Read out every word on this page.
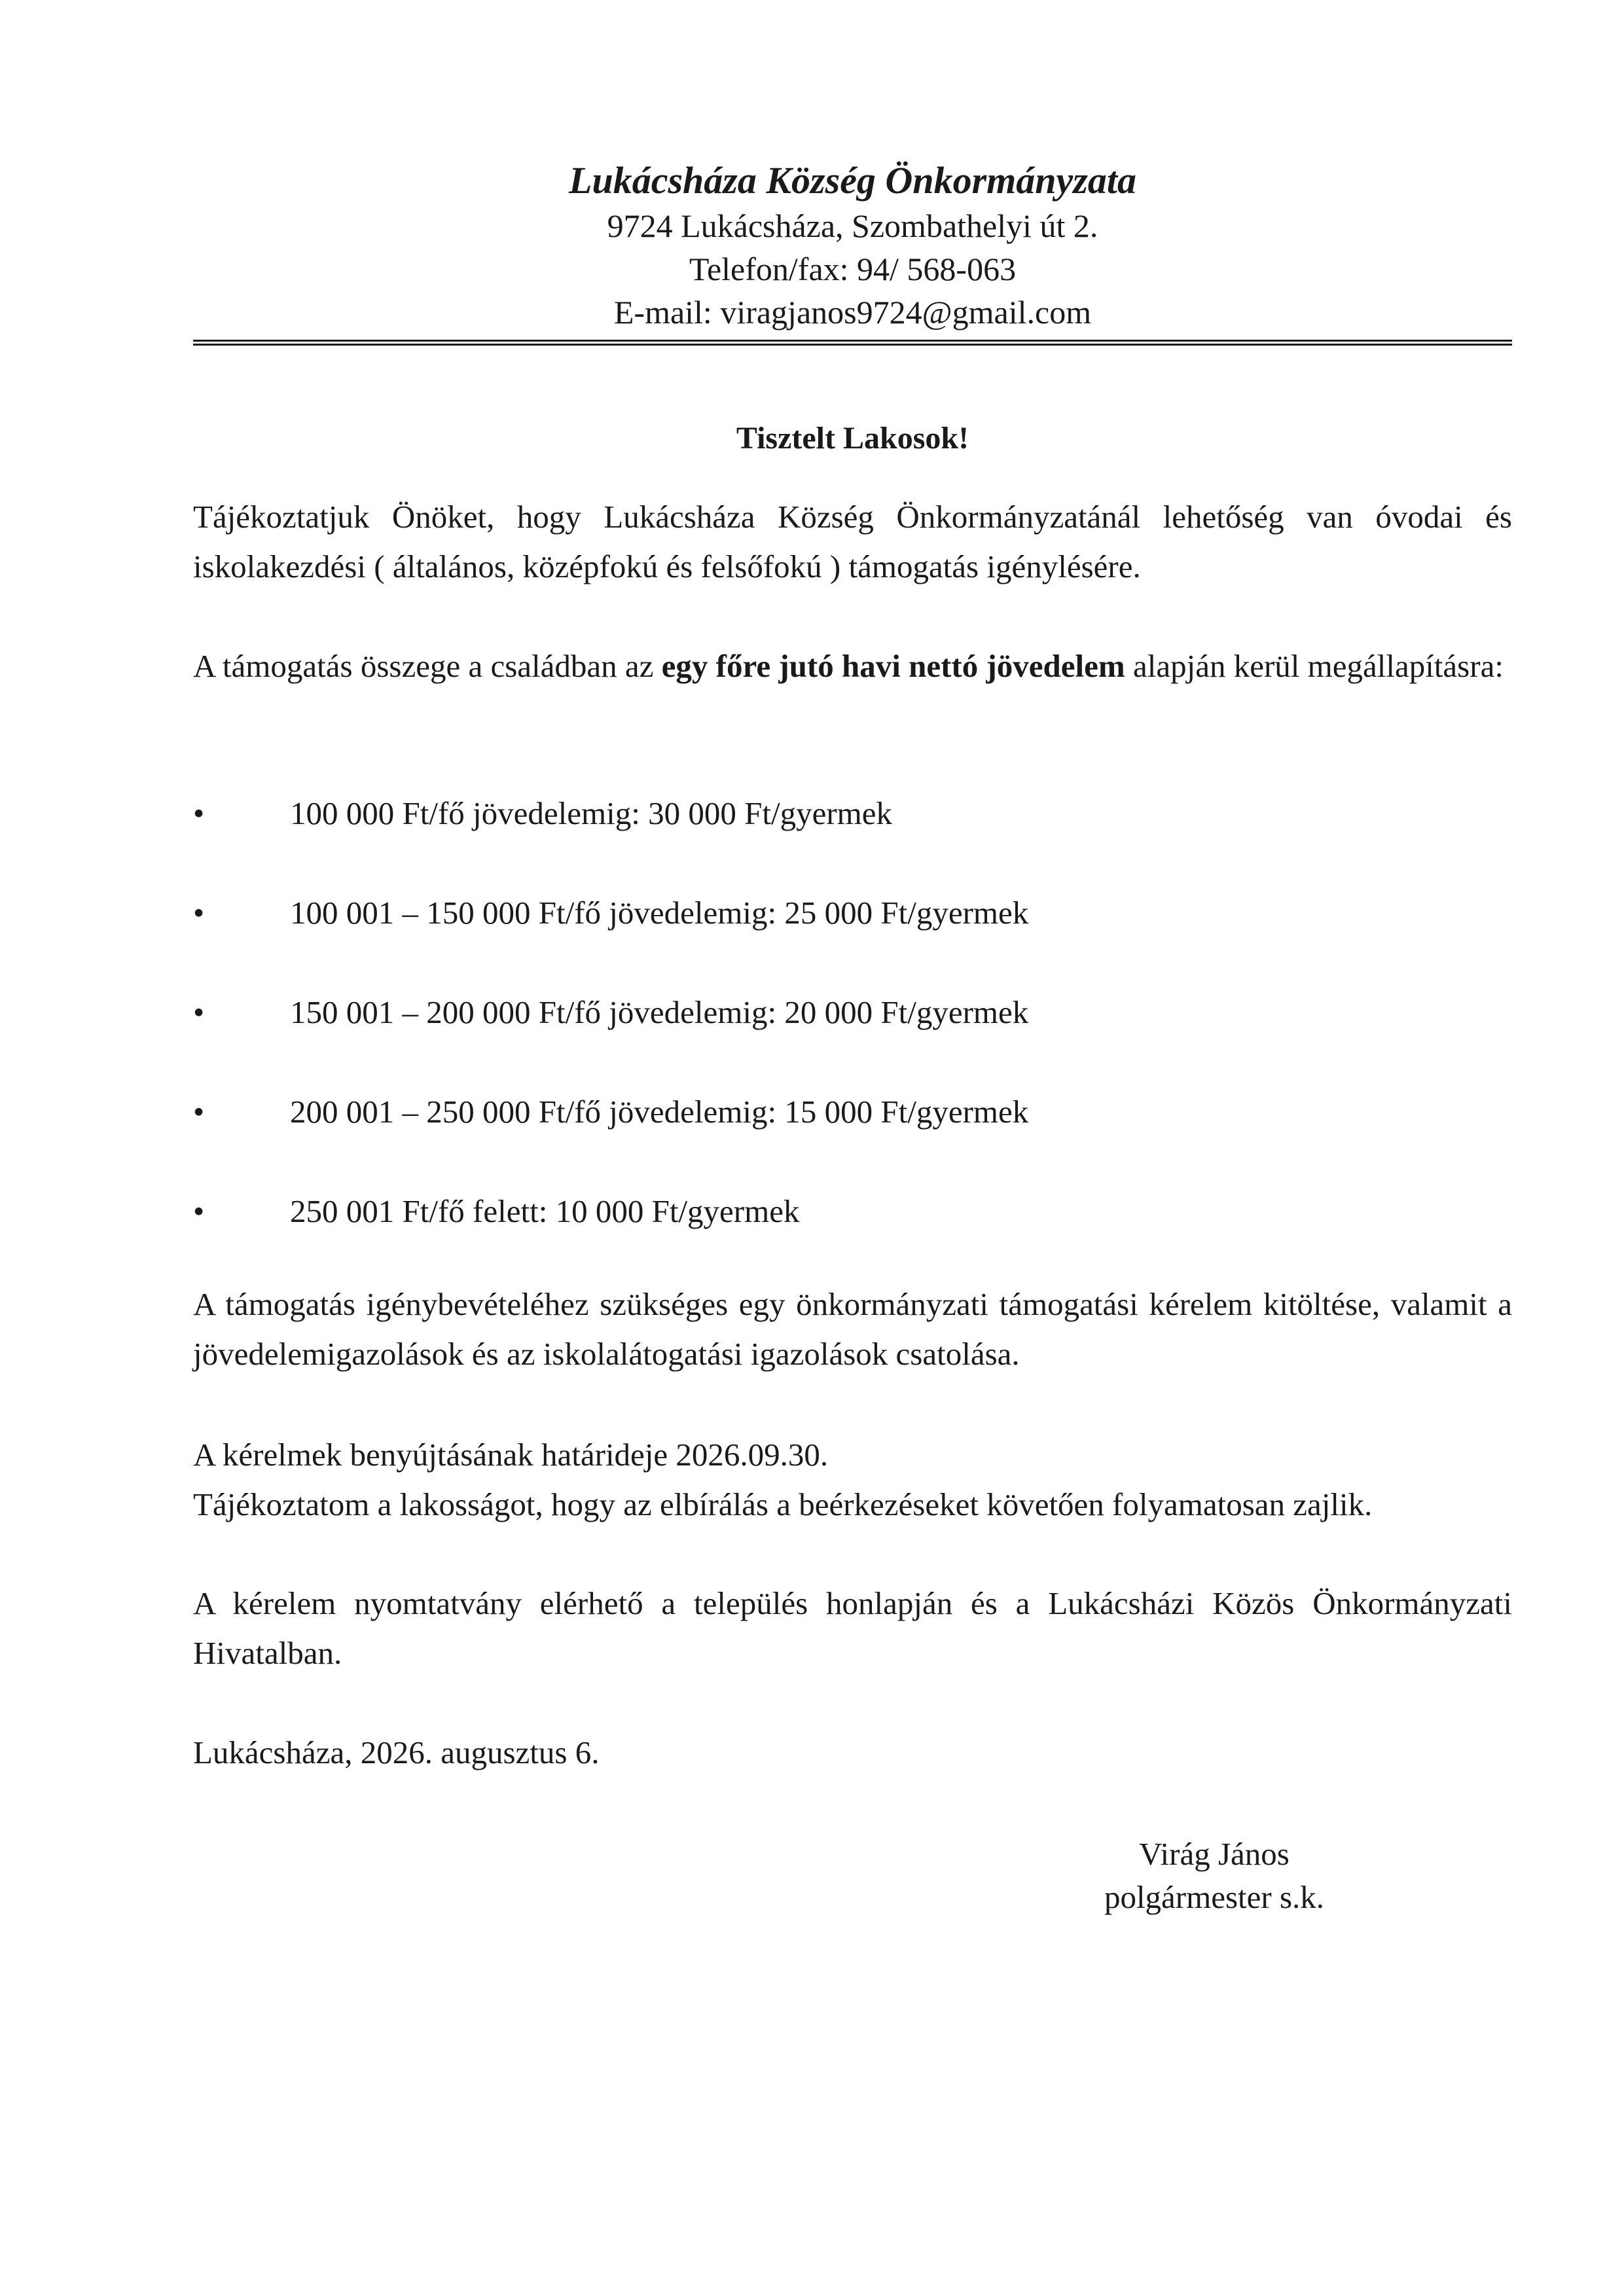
Lukácsháza Község Önkormányzata

9724 Lukácsháza, Szombathelyi út 2.

Telefon/fax: 94/ 568-063

E-mail: viragjanos9724@gmail.com

Tisztelt Lakosok!

Tájékoztatjuk Önöket, hogy Lukácsháza Község Önkormányzatánál lehetőség van óvodai és iskolakezdési ( általános, középfokú és felsőfokú ) támogatás igénylésére.

A támogatás összege a családban az egy főre jutó havi nettó jövedelem alapján kerül megállapításra:

•	100 000 Ft/fő jövedelemig: 30 000 Ft/gyermek
•	100 001 – 150 000 Ft/fő jövedelemig: 25 000 Ft/gyermek
•	150 001 – 200 000 Ft/fő jövedelemig: 20 000 Ft/gyermek
•	200 001 – 250 000 Ft/fő jövedelemig: 15 000 Ft/gyermek
•	250 001 Ft/fő felett: 10 000 Ft/gyermek

A támogatás igénybevételéhez szükséges egy önkormányzati támogatási kérelem kitöltése, valamit a jövedelemigazolások és az iskolalátogatási igazolások csatolása.

A kérelmek benyújtásának határideje 2026.09.30.

Tájékoztatom a lakosságot, hogy az elbírálás a beérkezéseket követően folyamatosan zajlik.

A kérelem nyomtatvány elérhető a település honlapján és a Lukácsházi Közös Önkormányzati Hivatalban.

Lukácsháza, 2026. augusztus 6.

Virág János

polgármester s.k.
